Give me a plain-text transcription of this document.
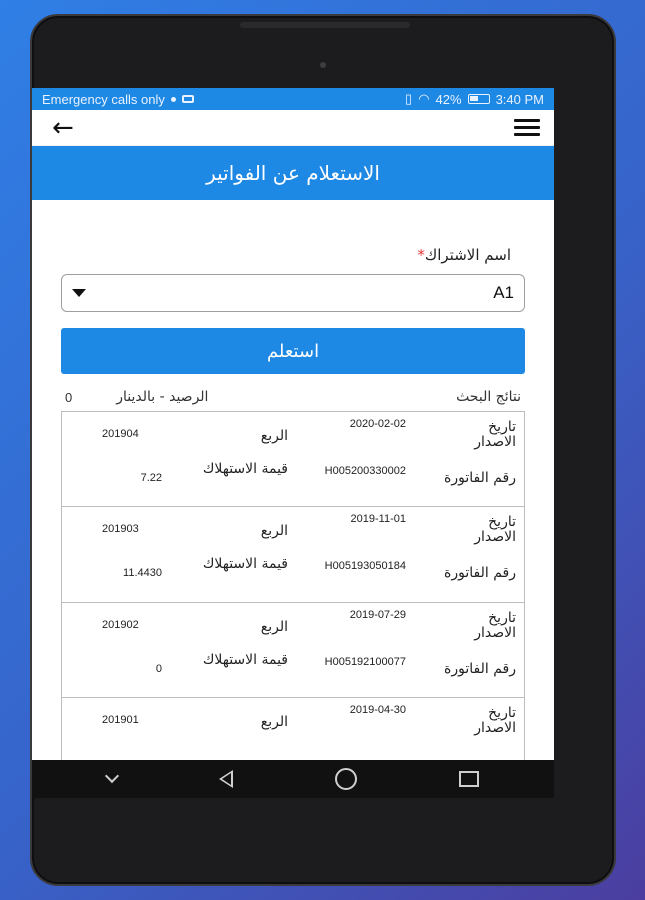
Emergency calls only	▯ ◠ 42%	3:40 PM
←
الاستعلام عن الفواتير
اسم الاشتراك*
A1
استعلم
نتائج البحث
الرصيد - بالدينار
0
تاريخ الاصدار
2020-02-02
الربع
201904
رقم الفاتورة
H005200330002
قيمة الاستهلاك
7.22
تاريخ الاصدار
2019-11-01
الربع
201903
رقم الفاتورة
H005193050184
قيمة الاستهلاك
11.4430
تاريخ الاصدار
2019-07-29
الربع
201902
رقم الفاتورة
H005192100077
قيمة الاستهلاك
0
تاريخ الاصدار
2019-04-30
الربع
201901
